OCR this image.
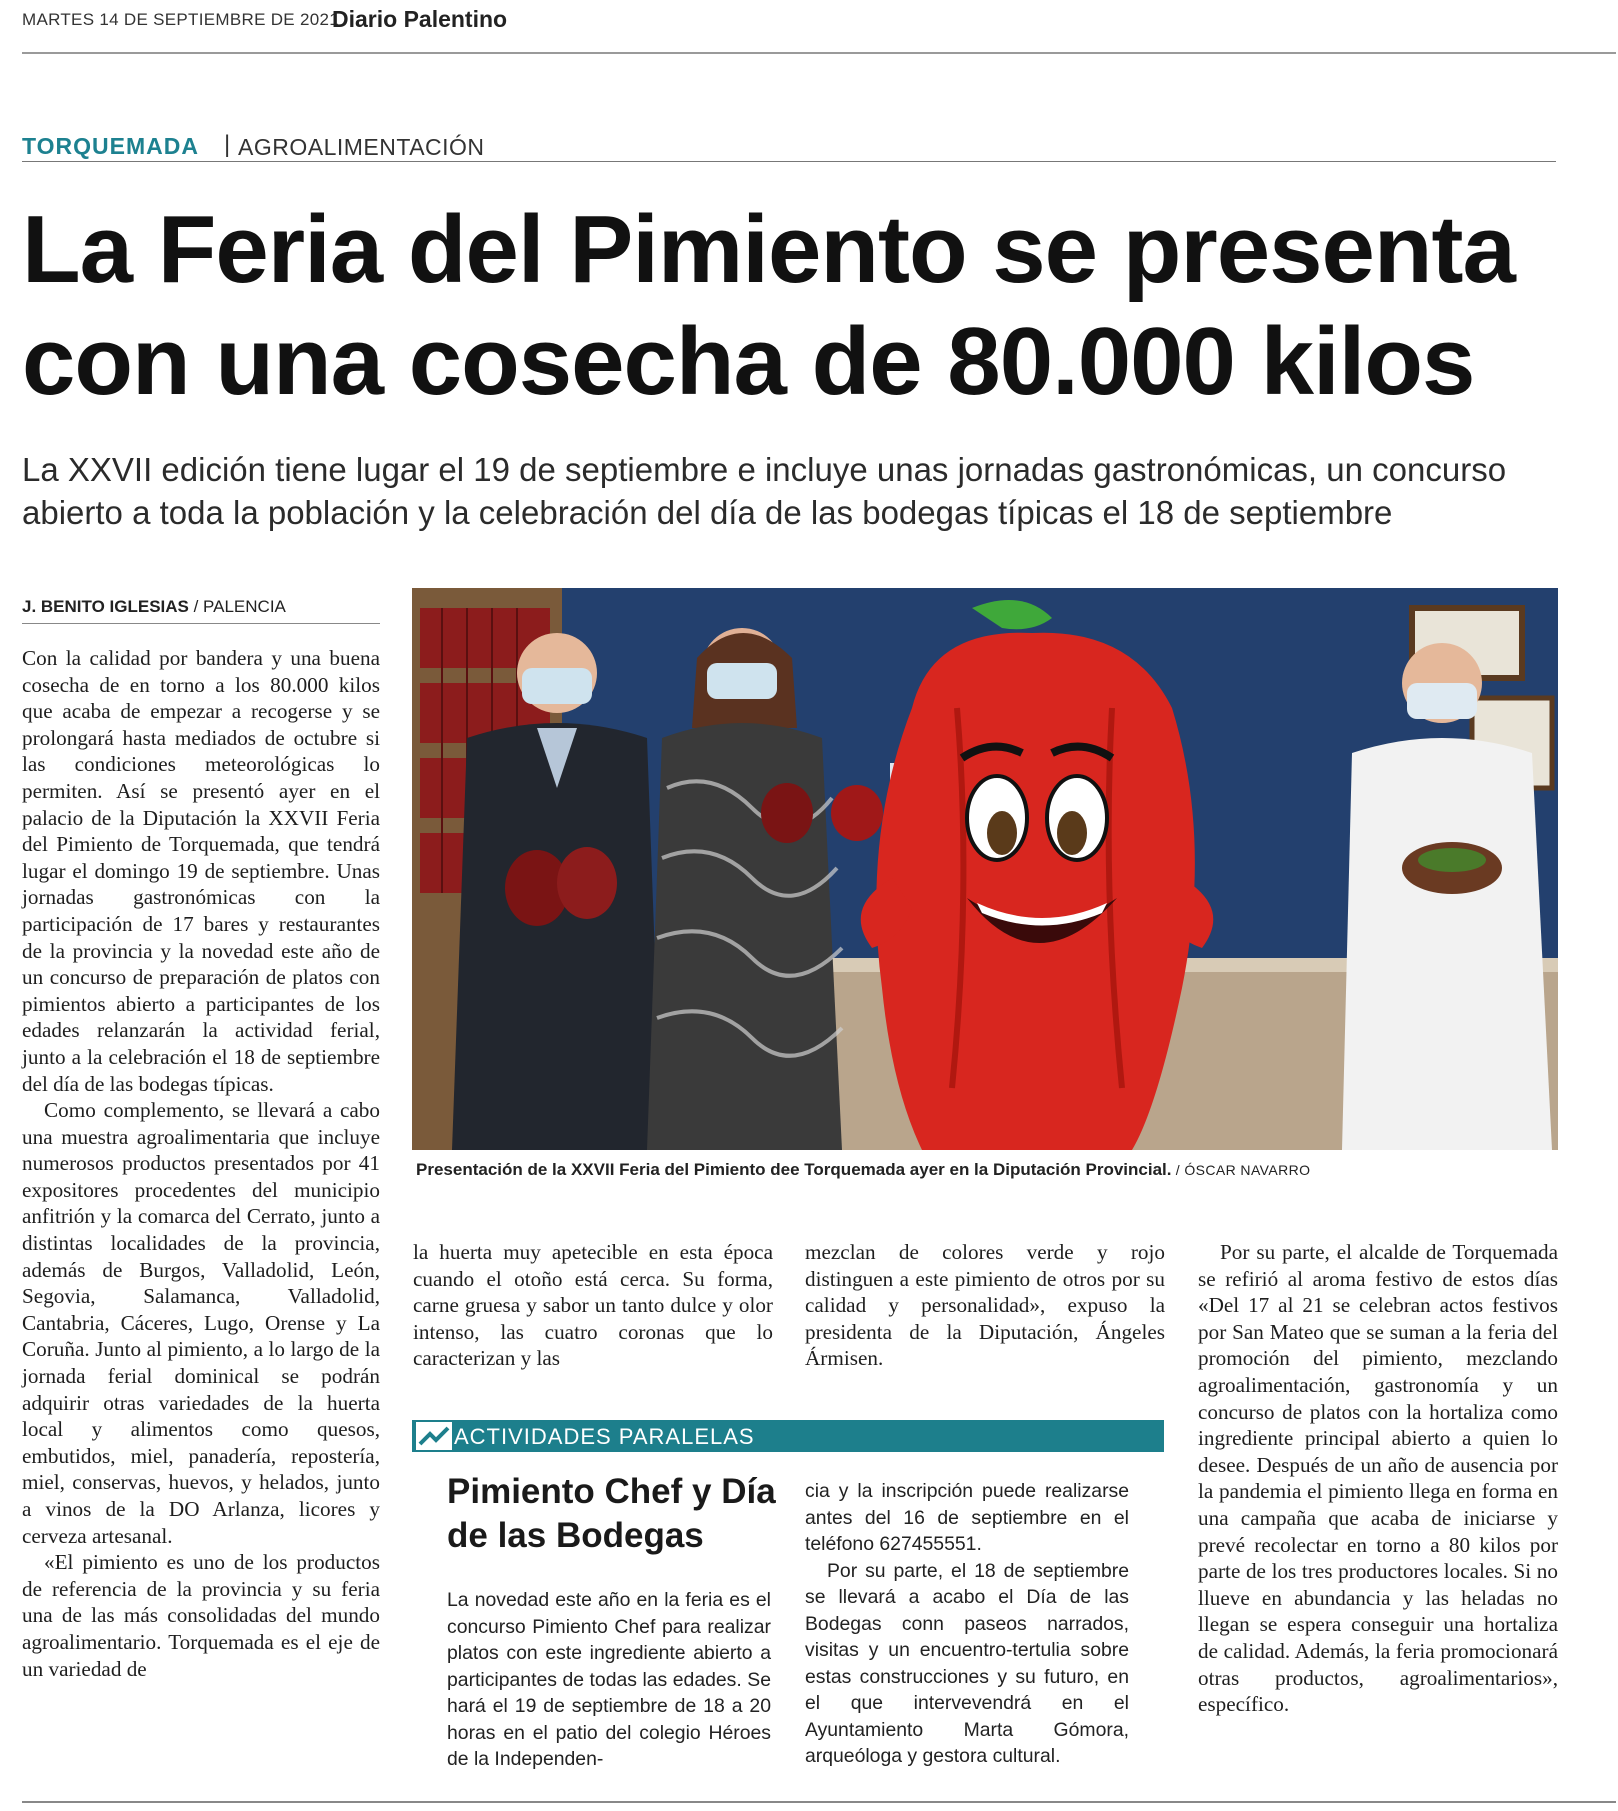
MARTES 14 DE SEPTIEMBRE DE 2021
Diario Palentino
TORQUEMADA | AGROALIMENTACIÓN
La Feria del Pimiento se presenta con una cosecha de 80.000 kilos

La XXVII edición tiene lugar el 19 de septiembre e incluye unas jornadas gastronómicas, un concurso abierto a toda la población y la celebración del día de las bodegas típicas el 18 de septiembre

J. BENITO IGLESIAS / PALENCIA

Con la calidad por bandera y una buena cosecha de en torno a los 80.000 kilos que acaba de empezar a recogerse y se prolongará hasta mediados de octubre si las condiciones meteorológicas lo permiten. Así se presentó ayer en el palacio de la Diputación la XXVII Feria del Pimiento de Torquemada, que tendrá lugar el domingo 19 de septiembre. Unas jornadas gastronómicas con la participación de 17 bares y restaurantes de la provincia y la novedad este año de un concurso de preparación de platos con pimientos abierto a participantes de los edades relanzarán la actividad ferial, junto a la celebración el 18 de septiembre del día de las bodegas típicas.

Como complemento, se llevará a cabo una muestra agroalimentaria que incluye numerosos productos presentados por 41 expositores procedentes del municipio anfitrión y la comarca del Cerrato, junto a distintas localidades de la provincia, además de Burgos, Valladolid, León, Segovia, Salamanca, Valladolid, Cantabria, Cáceres, Lugo, Orense y La Coruña. Junto al pimiento, a lo largo de la jornada ferial dominical se podrán adquirir otras variedades de la huerta local y alimentos como quesos, embutidos, miel, panadería, repostería, miel, conservas, huevos, y helados, junto a vinos de la DO Arlanza, licores y cerveza artesanal.

«El pimiento es uno de los productos de referencia de la provincia y su feria una de las más consolidadas del mundo agroalimentario. Torquemada es el eje de un variedad de

Presentación de la XXVII Feria del Pimiento dee Torquemada ayer en la Diputación Provincial. / ÓSCAR NAVARRO

la huerta muy apetecible en esta época cuando el otoño está cerca. Su forma, carne gruesa y sabor un tanto dulce y olor intenso, las cuatro coronas que lo caracterizan y las

mezclan de colores verde y rojo distinguen a este pimiento de otros por su calidad y personalidad», expuso la presidenta de la Diputación, Ángeles Ármisen.

Por su parte, el alcalde de Torquemada se refirió al aroma festivo de estos días «Del 17 al 21 se celebran actos festivos por San Mateo que se suman a la feria del promoción del pimiento, mezclando agroalimentación, gastronomía y un concurso de platos con la hortaliza como ingrediente principal abierto a quien lo desee. Después de un año de ausencia por la pandemia el pimiento llega en forma en una campaña que acaba de iniciarse y prevé recolectar en torno a 80 kilos por parte de los tres productores locales. Si no llueve en abundancia y las heladas no llegan se espera conseguir una hortaliza de calidad. Además, la feria promocionará otras productos, agroalimentarios», específico.

ACTIVIDADES PARALELAS
Pimiento Chef y Día de las Bodegas

La novedad este año en la feria es el concurso Pimiento Chef para realizar platos con este ingrediente abierto a participantes de todas las edades. Se hará el 19 de septiembre de 18 a 20 horas en el patio del colegio Héroes de la Independen-

cia y la inscripción puede realizarse antes del 16 de septiembre en el teléfono 627455551.

Por su parte, el 18 de septiembre se llevará a acabo el Día de las Bodegas conn paseos narrados, visitas y un encuentro-tertulia sobre estas construcciones y su futuro, en el que intervevendrá en el Ayuntamiento Marta Gómora, arqueóloga y gestora cultural.
